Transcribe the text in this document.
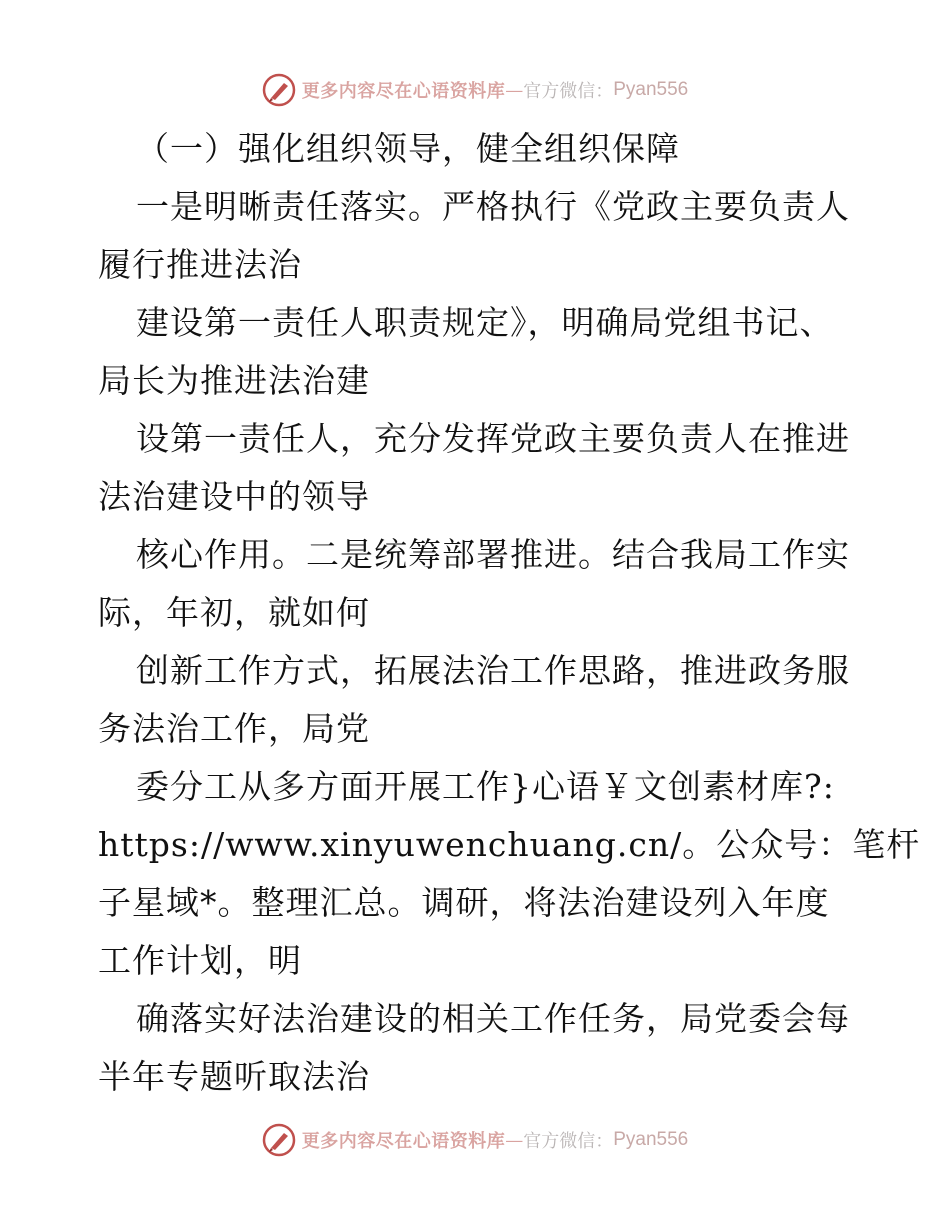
更多内容尽在心语资料库 — 官方微信： Pyan556
（一）强化组织领导，健全组织保障
一是明晰责任落实。严格执行《党政主要负责人
履行推进法治
建设第一责任人职责规定》，明确局党组书记、
局长为推进法治建
设第一责任人，充分发挥党政主要负责人在推进
法治建设中的领导
核心作用。二是统筹部署推进。结合我局工作实
际，年初，就如何
创新工作方式，拓展法治工作思路，推进政务服
务法治工作，局党
委分工从多方面开展工作}心语￥文创素材库?:
https://www.xinyuwenchuang.cn/。公众号：笔杆
子星域*。整理汇总。调研，将法治建设列入年度
工作计划，明
确落实好法治建设的相关工作任务，局党委会每
半年专题听取法治
更多内容尽在心语资料库 — 官方微信： Pyan556
